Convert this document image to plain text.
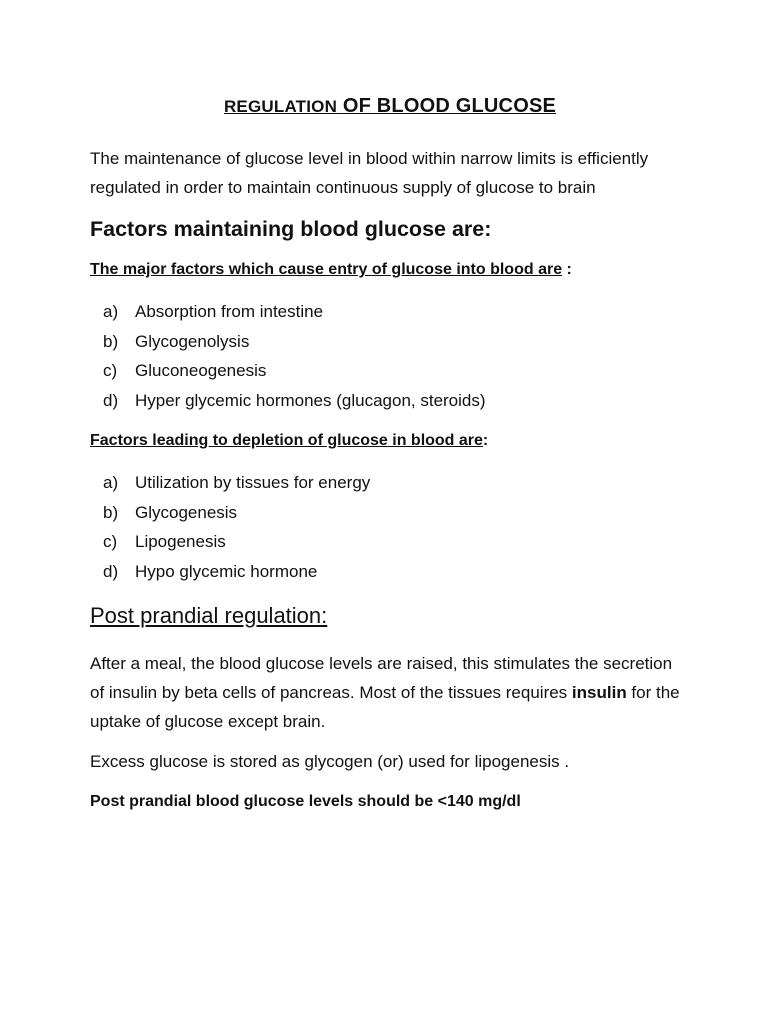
REGULATION OF BLOOD GLUCOSE

The maintenance of glucose level in blood within narrow limits is efficiently regulated in order to maintain continuous supply of glucose to brain

Factors maintaining blood glucose are:
The major factors which cause entry of glucose into blood are :
a) Absorption from intestine
b) Glycogenolysis
c)	Gluconeogenesis
d) Hyper glycemic hormones (glucagon, steroids)
Factors leading to depletion of glucose in blood are:
a) Utilization by tissues for energy
b) Glycogenesis
c)	Lipogenesis
d) Hypo glycemic hormone
Post prandial regulation:

After a meal, the blood glucose levels are raised, this stimulates the secretion of insulin by beta cells of pancreas. Most of the tissues requires insulin for the uptake of glucose except brain.

Excess glucose is stored as glycogen (or) used for lipogenesis .

Post prandial blood glucose levels should be <140 mg/dl
